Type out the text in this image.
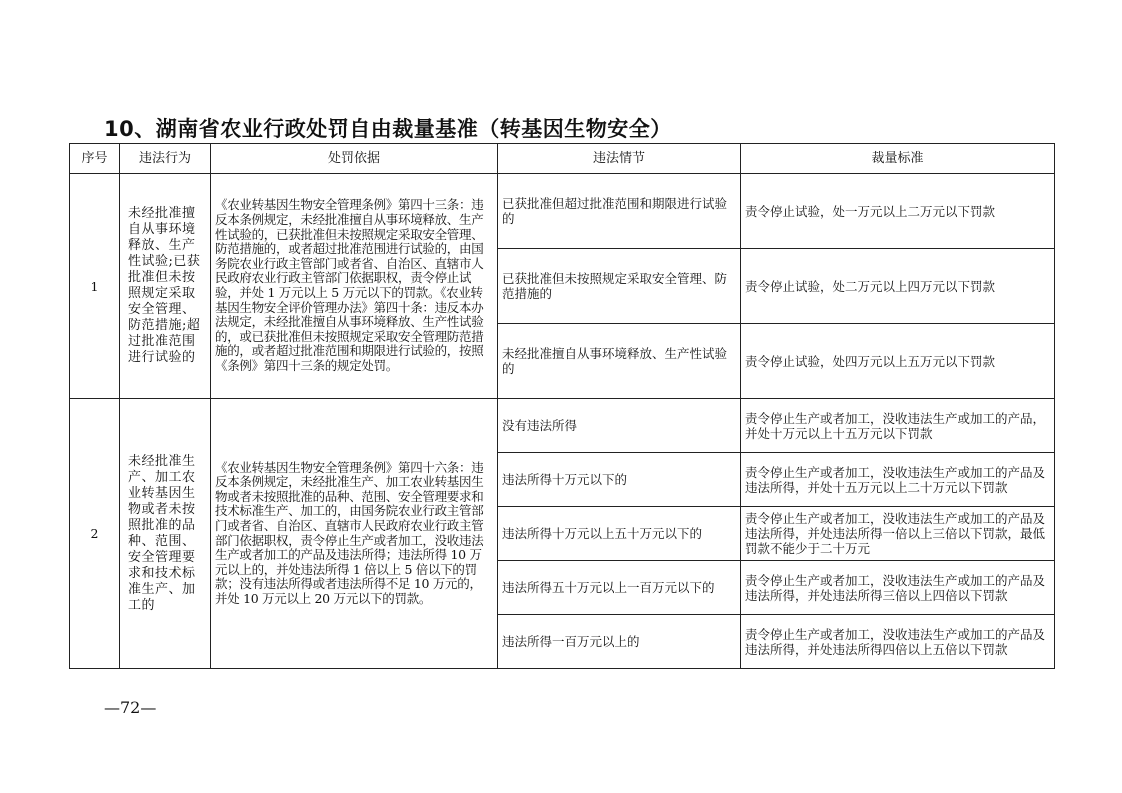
10、湖南省农业行政处罚自由裁量基准（转基因生物安全）
序号	违法行为	处罚依据	违法情节	裁量标准
1	未经批准擅自从事环境释放、生产性试验;已获批准但未按照规定采取安全管理、防范措施;超过批准范围进行试验的	《农业转基因生物安全管理条例》第四十三条：违反本条例规定，未经批准擅自从事环境释放、生产性试验的，已获批准但未按照规定采取安全管理、防范措施的，或者超过批准范围进行试验的，由国务院农业行政主管部门或者省、自治区、直辖市人民政府农业行政主管部门依据职权，责令停止试验，并处 1 万元以上 5 万元以下的罚款。《农业转基因生物安全评价管理办法》第四十条：违反本办法规定，未经批准擅自从事环境释放、生产性试验的，或已获批准但未按照规定采取安全管理防范措施的，或者超过批准范围和期限进行试验的，按照《条例》第四十三条的规定处罚。	已获批准但超过批准范围和期限进行试验的	责令停止试验，处一万元以上二万元以下罚款
			已获批准但未按照规定采取安全管理、防范措施的	责令停止试验，处二万元以上四万元以下罚款
			未经批准擅自从事环境释放、生产性试验的	责令停止试验，处四万元以上五万元以下罚款
2	未经批准生产、加工农业转基因生物或者未按照批准的品种、范围、安全管理要求和技术标准生产、加工的	《农业转基因生物安全管理条例》第四十六条：违反本条例规定，未经批准生产、加工农业转基因生物或者未按照批准的品种、范围、安全管理要求和技术标准生产、加工的，由国务院农业行政主管部门或者省、自治区、直辖市人民政府农业行政主管部门依据职权，责令停止生产或者加工，没收违法生产或者加工的产品及违法所得；违法所得 10 万元以上的，并处违法所得 1 倍以上 5 倍以下的罚款；没有违法所得或者违法所得不足 10 万元的，并处 10 万元以上 20 万元以下的罚款。	没有违法所得	责令停止生产或者加工，没收违法生产或加工的产品，并处十万元以上十五万元以下罚款
			违法所得十万元以下的	责令停止生产或者加工，没收违法生产或加工的产品及违法所得，并处十五万元以上二十万元以下罚款
			违法所得十万元以上五十万元以下的	责令停止生产或者加工，没收违法生产或加工的产品及违法所得，并处违法所得一倍以上三倍以下罚款，最低罚款不能少于二十万元
			违法所得五十万元以上一百万元以下的	责令停止生产或者加工，没收违法生产或加工的产品及违法所得，并处违法所得三倍以上四倍以下罚款
			违法所得一百万元以上的	责令停止生产或者加工，没收违法生产或加工的产品及违法所得，并处违法所得四倍以上五倍以下罚款
—72—
